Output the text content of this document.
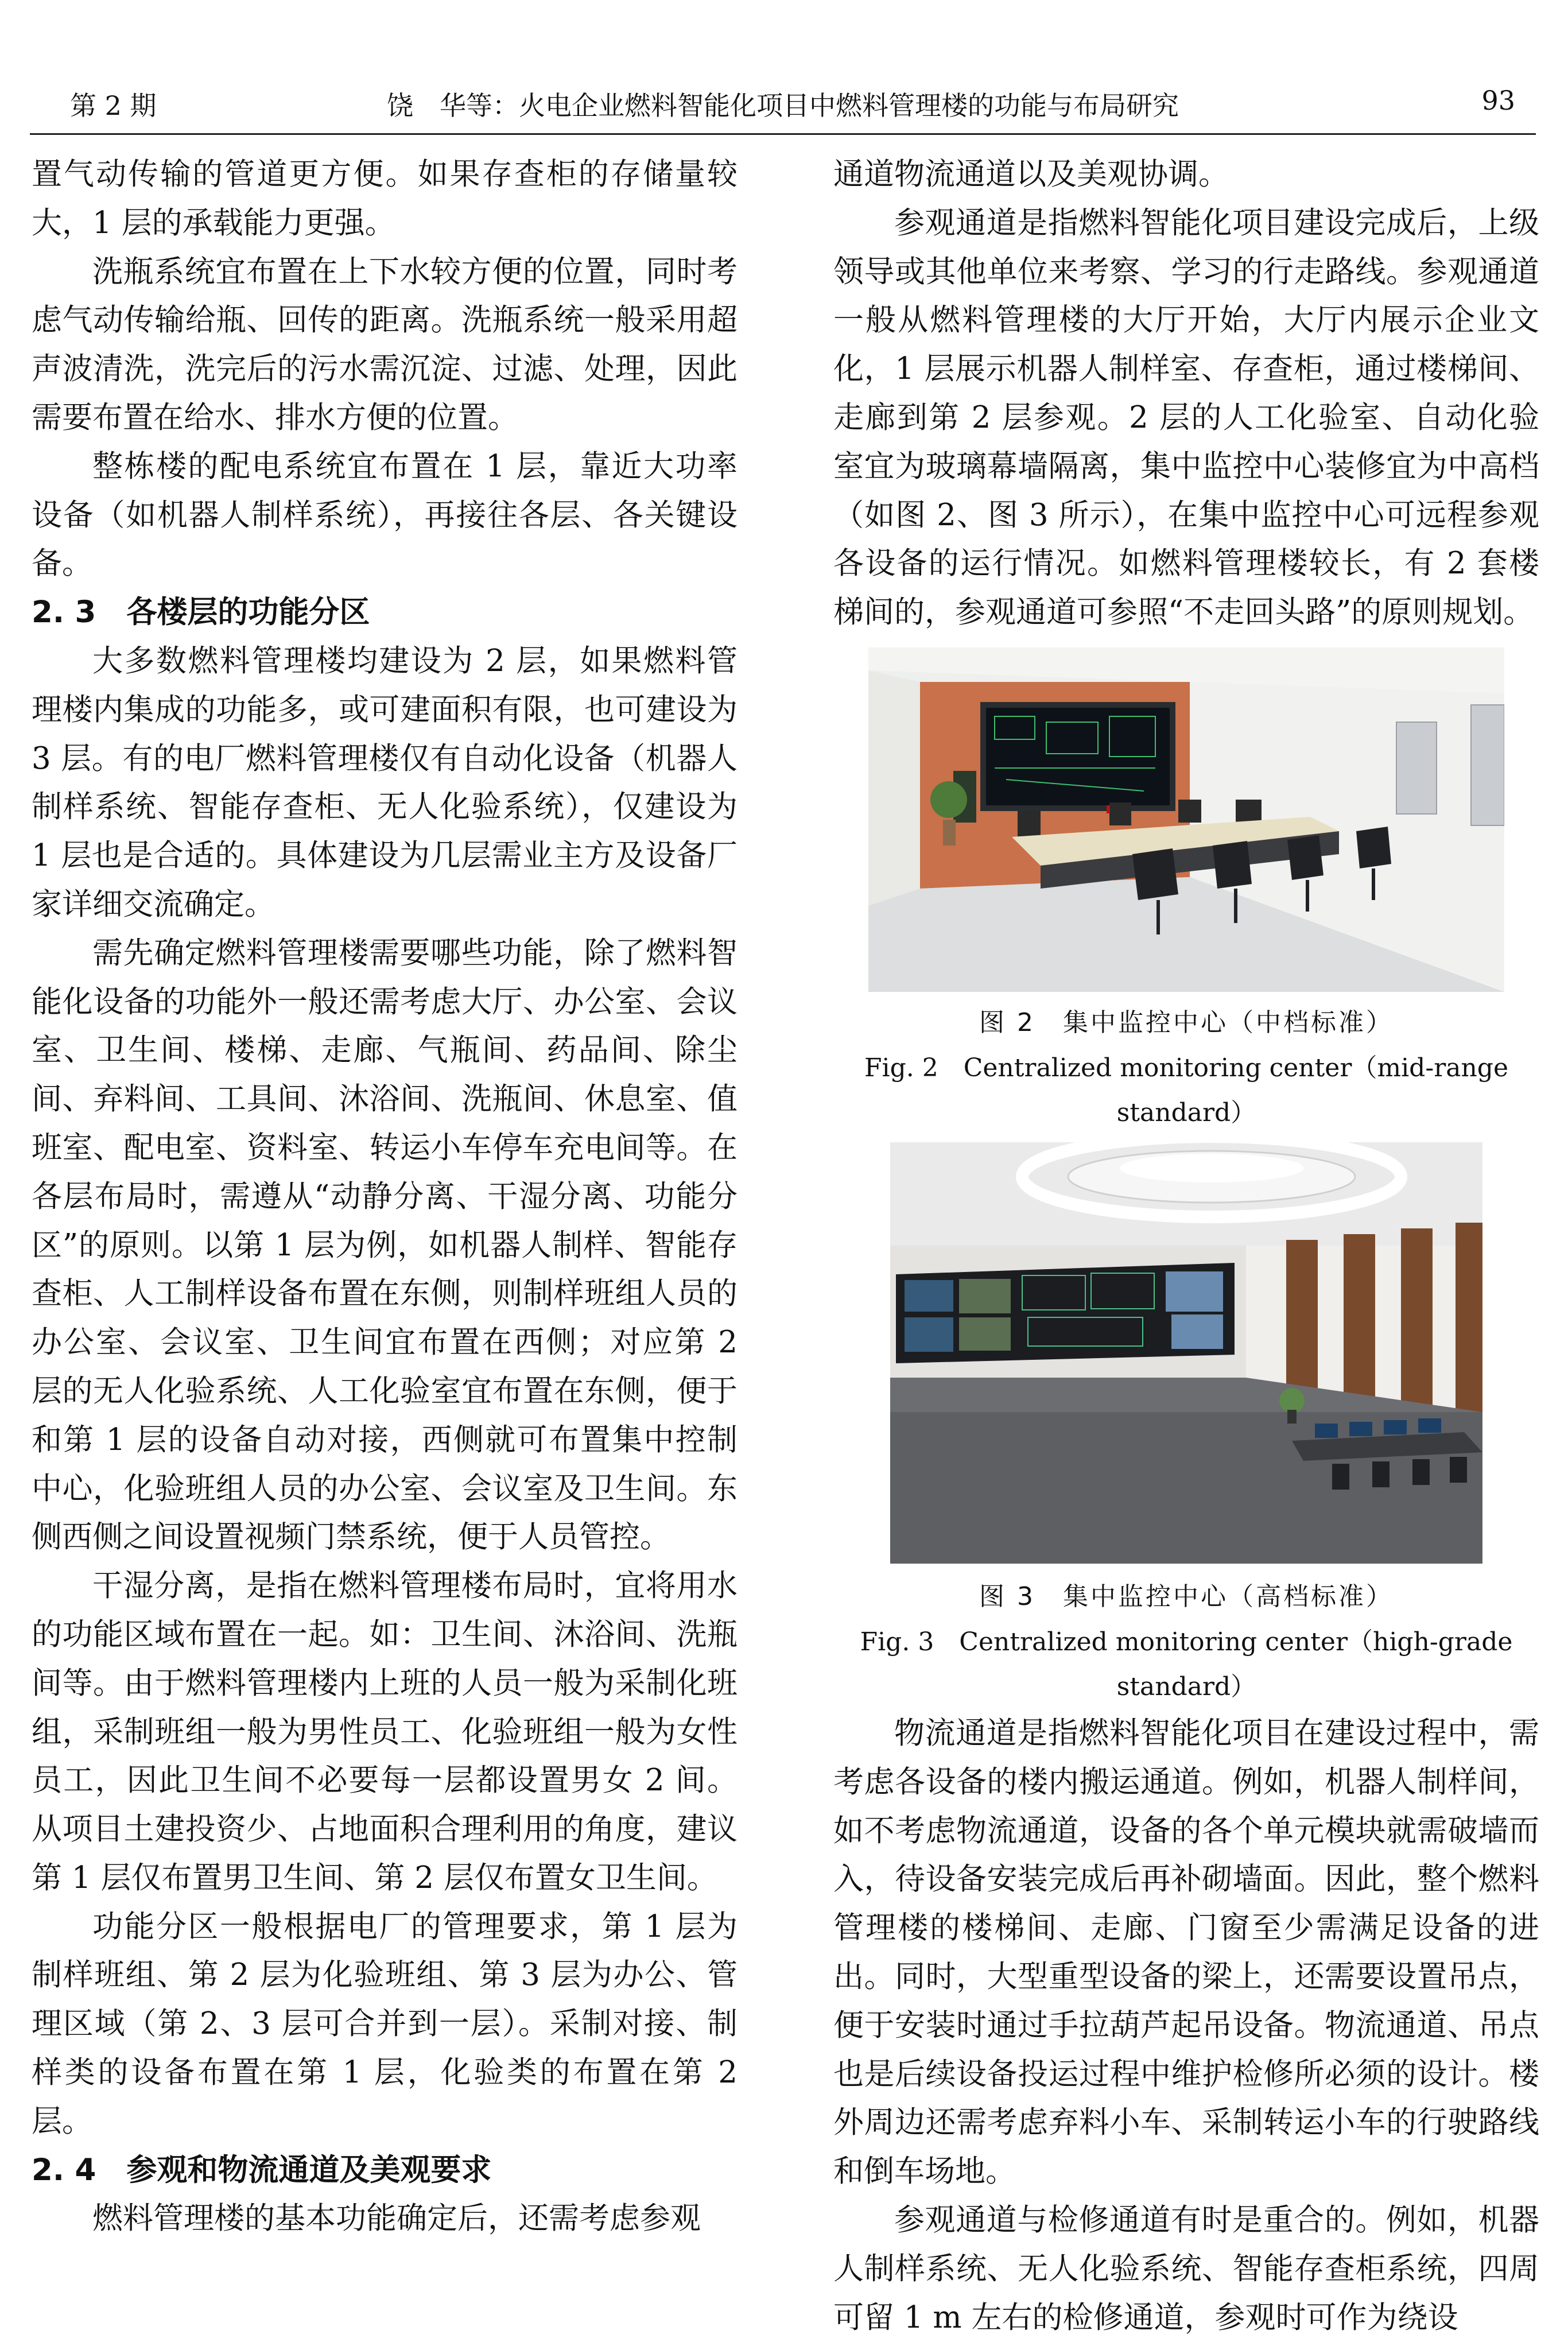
第 2 期	饶　华等：火电企业燃料智能化项目中燃料管理楼的功能与布局研究	93

置气动传输的管道更方便。如果存查柜的存储量较大，1 层的承载能力更强。

洗瓶系统宜布置在上下水较方便的位置，同时考虑气动传输给瓶、回传的距离。洗瓶系统一般采用超声波清洗，洗完后的污水需沉淀、过滤、处理，因此需要布置在给水、排水方便的位置。

整栋楼的配电系统宜布置在 1 层，靠近大功率设备（如机器人制样系统），再接往各层、各关键设备。

2. 3　各楼层的功能分区

大多数燃料管理楼均建设为 2 层，如果燃料管理楼内集成的功能多，或可建面积有限，也可建设为 3 层。有的电厂燃料管理楼仅有自动化设备（机器人制样系统、智能存查柜、无人化验系统），仅建设为 1 层也是合适的。具体建设为几层需业主方及设备厂家详细交流确定。

需先确定燃料管理楼需要哪些功能，除了燃料智能化设备的功能外一般还需考虑大厅、办公室、会议室、卫生间、楼梯、走廊、气瓶间、药品间、除尘间、弃料间、工具间、沐浴间、洗瓶间、休息室、值班室、配电室、资料室、转运小车停车充电间等。在各层布局时，需遵从“动静分离、干湿分离、功能分区”的原则。以第 1 层为例，如机器人制样、智能存查柜、人工制样设备布置在东侧，则制样班组人员的办公室、会议室、卫生间宜布置在西侧；对应第 2 层的无人化验系统、人工化验室宜布置在东侧，便于和第 1 层的设备自动对接，西侧就可布置集中控制中心，化验班组人员的办公室、会议室及卫生间。东侧西侧之间设置视频门禁系统，便于人员管控。

干湿分离，是指在燃料管理楼布局时，宜将用水的功能区域布置在一起。如：卫生间、沐浴间、洗瓶间等。由于燃料管理楼内上班的人员一般为采制化班组，采制班组一般为男性员工、化验班组一般为女性员工，因此卫生间不必要每一层都设置男女 2 间。从项目土建投资少、占地面积合理利用的角度，建议第 1 层仅布置男卫生间、第 2 层仅布置女卫生间。

功能分区一般根据电厂的管理要求，第 1 层为制样班组、第 2 层为化验班组、第 3 层为办公、管理区域（第 2、3 层可合并到一层）。采制对接、制样类的设备布置在第 1 层，化验类的布置在第 2 层。

2. 4　参观和物流通道及美观要求

燃料管理楼的基本功能确定后，还需考虑参观

通道物流通道以及美观协调。

参观通道是指燃料智能化项目建设完成后，上级领导或其他单位来考察、学习的行走路线。参观通道一般从燃料管理楼的大厅开始，大厅内展示企业文化，1 层展示机器人制样室、存查柜，通过楼梯间、走廊到第 2 层参观。2 层的人工化验室、自动化验室宜为玻璃幕墙隔离，集中监控中心装修宜为中高档（如图 2、图 3 所示），在集中监控中心可远程参观各设备的运行情况。如燃料管理楼较长，有 2 套楼梯间的，参观通道可参照“不走回头路”的原则规划。

图 2　集中监控中心（中档标准）
Fig. 2　Centralized monitoring center（mid-range standard）
图 3　集中监控中心（高档标准）
Fig. 3　Centralized monitoring center（high-grade standard）

物流通道是指燃料智能化项目在建设过程中，需考虑各设备的楼内搬运通道。例如，机器人制样间，如不考虑物流通道，设备的各个单元模块就需破墙而入，待设备安装完成后再补砌墙面。因此，整个燃料管理楼的楼梯间、走廊、门窗至少需满足设备的进出。同时，大型重型设备的梁上，还需要设置吊点，便于安装时通过手拉葫芦起吊设备。物流通道、吊点也是后续设备投运过程中维护检修所必须的设计。楼外周边还需考虑弃料小车、采制转运小车的行驶路线和倒车场地。

参观通道与检修通道有时是重合的。例如，机器人制样系统、无人化验系统、智能存查柜系统，四周可留 1 m 左右的检修通道，参观时可作为绕设
